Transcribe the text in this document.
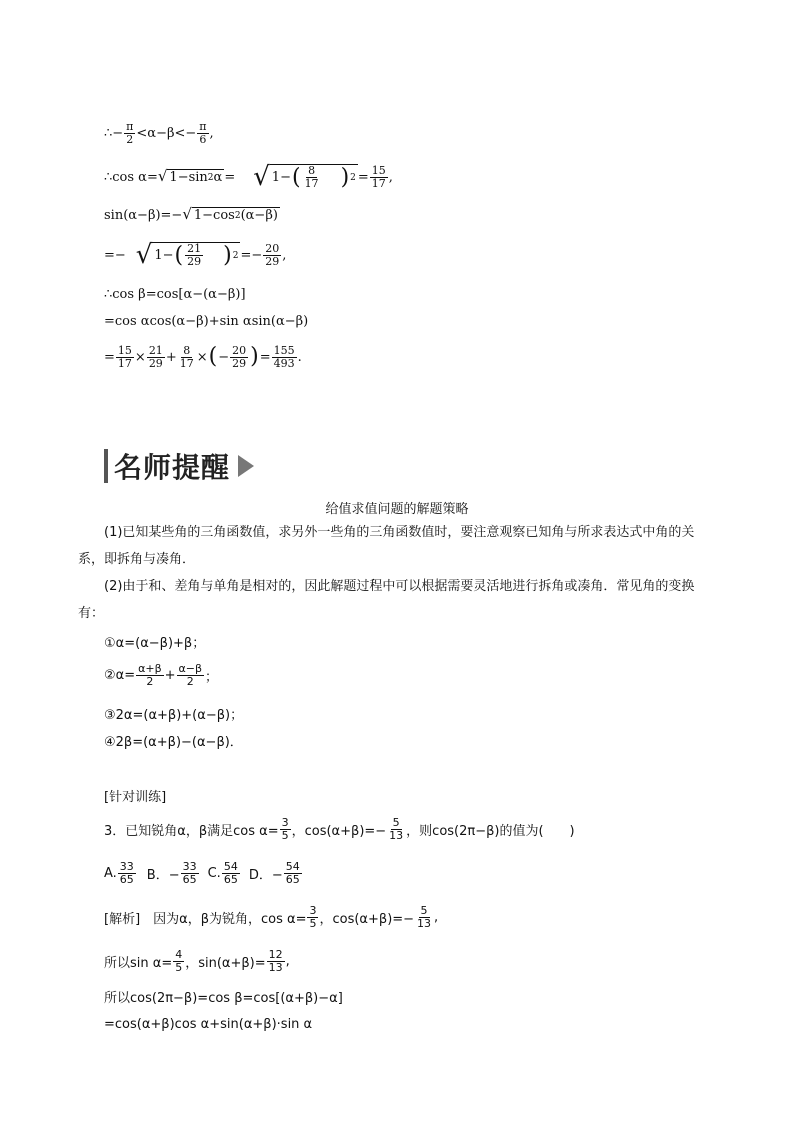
∴− $\frac{\pi}{2} <\alpha-\beta<- \frac{\pi}{6}$ ,
∴cos α= √ 1−sin 2 α = √ 1− ( $\frac{8}{17}$ ) $2 = \frac{15}{17}$ ,
sin(α−β)=− √ 1−cos 2 (α−β)
=− √ 1− ( $\frac{21}{29}$ ) $2 =- \frac{20}{29}$ ,
∴cos β=cos[α−(α−β)]
=cos αcos(α−β)+sin αsin(α−β)
= $\frac{15}{17} \times \frac{21}{29} + \frac{8}{17}$ × ( − $\frac{20}{29}$ ) = $\frac{155}{493}$ .
名师提醒
给值求值问题的解题策略
(1)已知某些角的三角函数值，求另外一些角的三角函数值时，要注意观察已知角与所求表达式中角的关系，即拆角与凑角．
(2)由于和、差角与单角是相对的，因此解题过程中可以根据需要灵活地进行拆角或凑角．常见角的变换有：
①α=(α−β)+β；
②α= $\frac{\alpha+\beta}{2} + \frac{\alpha-\beta}{2}$ ；
③2α=(α+β)+(α−β)；
④2β=(α+β)−(α−β)．
[针对训练]
3．已知锐角α，β满足$\cos \alpha= \frac{3}{5}$ ，$\cos(\alpha+\beta)=- \frac{5}{13}$ ，则cos(2π−β)的值为(　　)
A. $\frac{33}{65}$ B．− $\frac{33}{65} C$. $\frac{54}{65}$ D．− $\frac{54}{65}$
[解析]　因为α，β为锐角，$\cos \alpha= \frac{3}{5}$ ，$\cos(\alpha+\beta)=- \frac{5}{13}$ ,
所以$\sin \alpha= \frac{4}{5}$ ，$\sin(\alpha+\beta)= \frac{12}{13}$ ,
所以cos(2π−β)=cos β=cos[(α+β)−α]
=cos(α+β)cos α+sin(α+β)·sin α
